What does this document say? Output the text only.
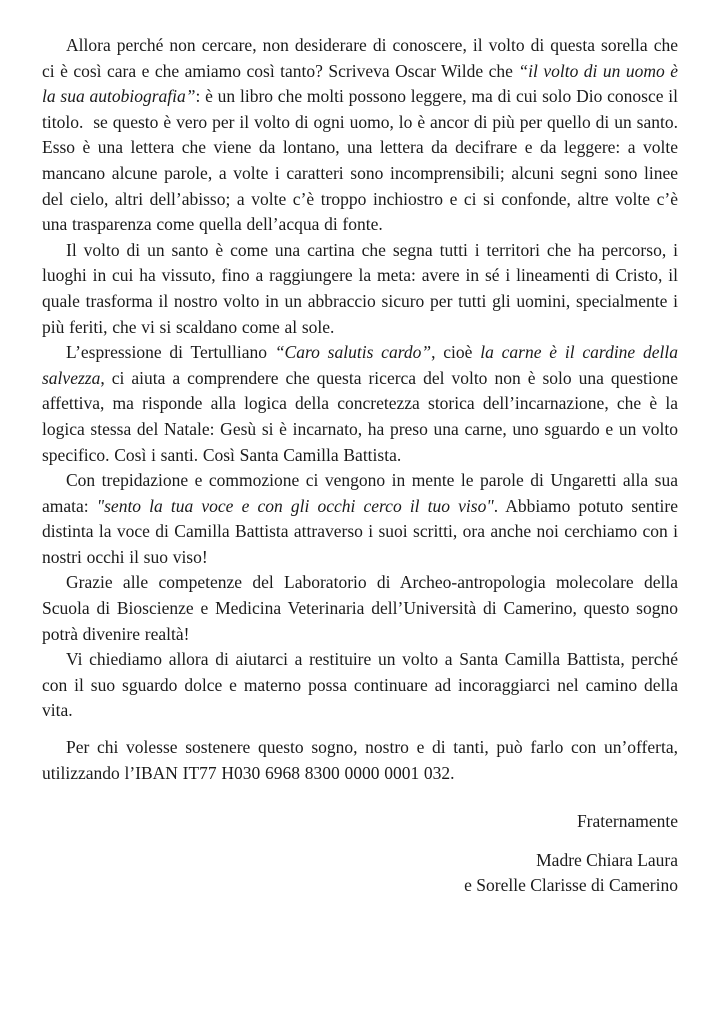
Allora perché non cercare, non desiderare di conoscere, il volto di questa sorella che ci è così cara e che amiamo così tanto? Scriveva Oscar Wilde che “il volto di un uomo è la sua autobiografia”: è un libro che molti possono leggere, ma di cui solo Dio conosce il titolo.  se questo è vero per il volto di ogni uomo, lo è ancor di più per quello di un santo. Esso è una lettera che viene da lontano, una lettera da decifrare e da leggere: a volte mancano alcune parole, a volte i caratteri sono incomprensibili; alcuni segni sono linee del cielo, altri dell’abisso; a volte c’è troppo inchiostro e ci si confonde, altre volte c’è una trasparenza come quella dell’acqua di fonte.

Il volto di un santo è come una cartina che segna tutti i territori che ha percorso, i luoghi in cui ha vissuto, fino a raggiungere la meta: avere in sé i lineamenti di Cristo, il quale trasforma il nostro volto in un abbraccio sicuro per tutti gli uomini, specialmente i più feriti, che vi si scaldano come al sole.

L’espressione di Tertulliano “Caro salutis cardo”, cioè la carne è il cardine della salvezza, ci aiuta a comprendere che questa ricerca del volto non è solo una questione affettiva, ma risponde alla logica della concretezza storica dell’incarnazione, che è la logica stessa del Natale: Gesù si è incarnato, ha preso una carne, uno sguardo e un volto specifico. Così i santi. Così Santa Camilla Battista.

Con trepidazione e commozione ci vengono in mente le parole di Ungaretti alla sua amata: "sento la tua voce e con gli occhi cerco il tuo viso". Abbiamo potuto sentire distinta la voce di Camilla Battista attraverso i suoi scritti, ora anche noi cerchiamo con i nostri occhi il suo viso!

Grazie alle competenze del Laboratorio di Archeo-antropologia molecolare della Scuola di Bioscienze e Medicina Veterinaria dell’Università di Camerino, questo sogno potrà divenire realtà!

Vi chiediamo allora di aiutarci a restituire un volto a Santa Camilla Battista, perché con il suo sguardo dolce e materno possa continuare ad incoraggiarci nel camino della vita.

Per chi volesse sostenere questo sogno, nostro e di tanti, può farlo con un’offerta, utilizzando l’IBAN IT77 H030 6968 8300 0000 0001 032.

Fraternamente

Madre Chiara Laura

e Sorelle Clarisse di Camerino
